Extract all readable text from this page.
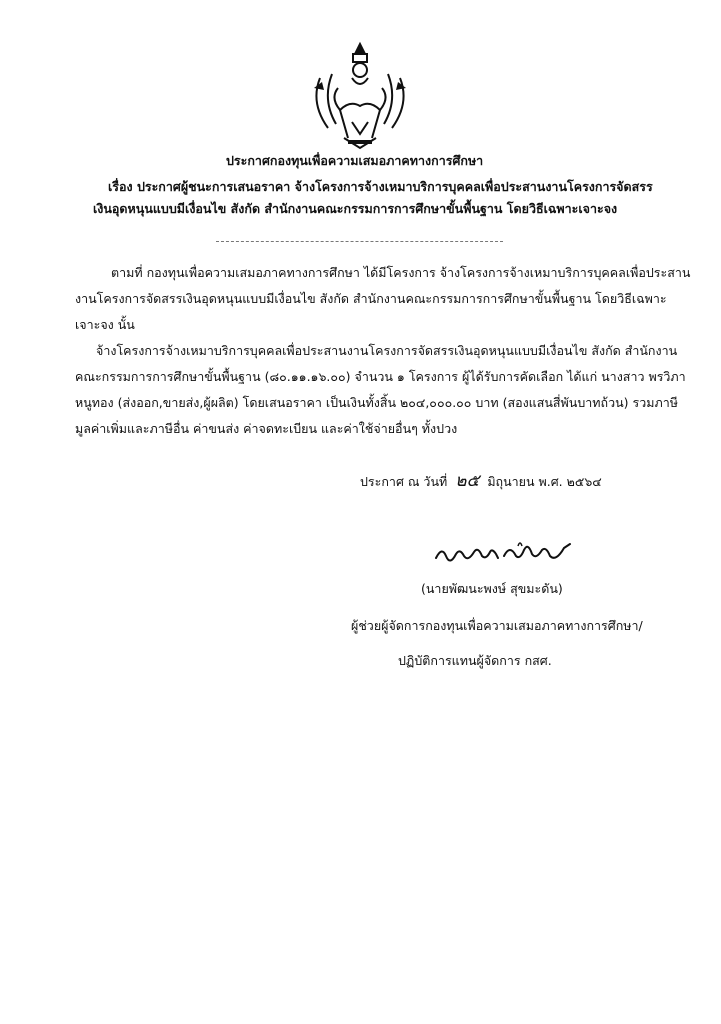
ประกาศกองทุนเพื่อความเสมอภาคทางการศึกษา
เรื่อง ประกาศผู้ชนะการเสนอราคา จ้างโครงการจ้างเหมาบริการบุคคลเพื่อประสานงานโครงการจัดสรร
เงินอุดหนุนแบบมีเงื่อนไข สังกัด สำนักงานคณะกรรมการการศึกษาขั้นพื้นฐาน โดยวิธีเฉพาะเจาะจง
ตามที่ กองทุนเพื่อความเสมอภาคทางการศึกษา ได้มีโครงการ จ้างโครงการจ้างเหมาบริการบุคคลเพื่อประสาน
งานโครงการจัดสรรเงินอุดหนุนแบบมีเงื่อนไข สังกัด สำนักงานคณะกรรมการการศึกษาขั้นพื้นฐาน โดยวิธีเฉพาะ
เจาะจง นั้น
จ้างโครงการจ้างเหมาบริการบุคคลเพื่อประสานงานโครงการจัดสรรเงินอุดหนุนแบบมีเงื่อนไข สังกัด สำนักงาน
คณะกรรมการการศึกษาขั้นพื้นฐาน (๘๐.๑๑.๑๖.๐๐) จำนวน ๑ โครงการ ผู้ได้รับการคัดเลือก ได้แก่ นางสาว พรวิภา
หนูทอง (ส่งออก,ขายส่ง,ผู้ผลิต) โดยเสนอราคา เป็นเงินทั้งสิ้น ๒๐๔,๐๐๐.๐๐ บาท (สองแสนสี่พันบาทถ้วน) รวมภาษี
มูลค่าเพิ่มและภาษีอื่น ค่าขนส่ง ค่าจดทะเบียน และค่าใช้จ่ายอื่นๆ ทั้งปวง
ประกาศ ณ วันที่ ๒๕ มิถุนายน พ.ศ. ๒๕๖๔
(นายพัฒนะพงษ์ สุขมะดัน)
ผู้ช่วยผู้จัดการกองทุนเพื่อความเสมอภาคทางการศึกษา/
ปฏิบัติการแทนผู้จัดการ กสศ.
